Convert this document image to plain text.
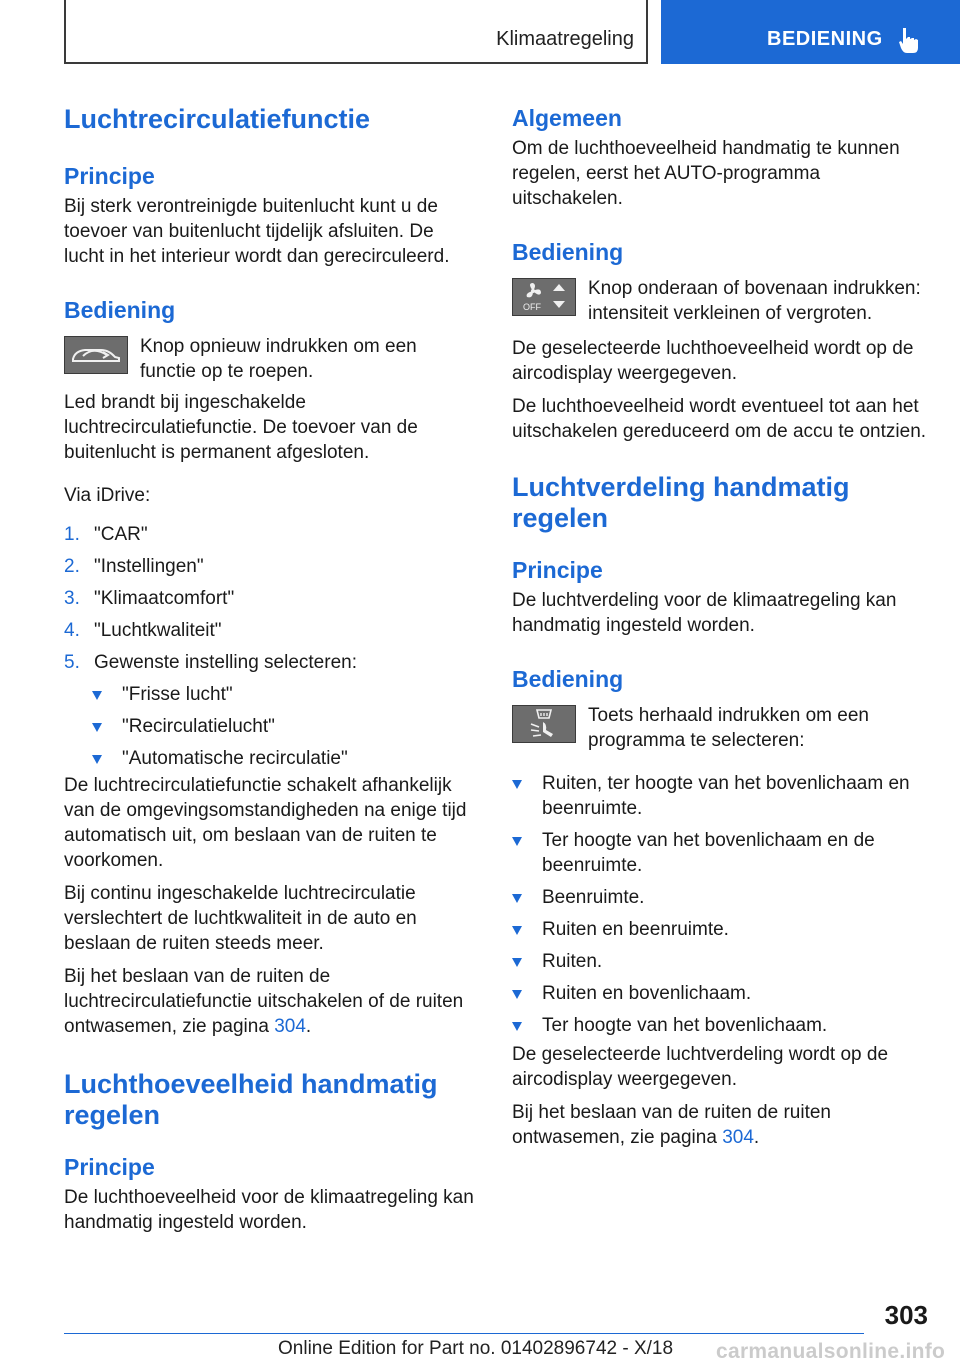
Klimaatregeling	BEDIENING
Luchtrecirculatiefunctie
Principe

Bij sterk verontreinigde buitenlucht kunt u de toevoer van buitenlucht tijdelijk afsluiten. De lucht in het interieur wordt dan gerecirculeerd.

Bediening

Knop opnieuw indrukken om een functie op te roepen.

Led brandt bij ingeschakelde luchtrecirculatiefunctie. De toevoer van de buitenlucht is permanent afgesloten.

Via iDrive:

1. "CAR"
2. "Instellingen"
3. "Klimaatcomfort"
4. "Luchtkwaliteit"
5. Gewenste instelling selecteren:
"Frisse lucht"
"Recirculatielucht"
"Automatische recirculatie"

De luchtrecirculatiefunctie schakelt afhankelijk van de omgevingsomstandigheden na enige tijd automatisch uit, om beslaan van de ruiten te voorkomen.

Bij continu ingeschakelde luchtrecirculatie verslechtert de luchtkwaliteit in de auto en beslaan de ruiten steeds meer.

Bij het beslaan van de ruiten de luchtrecirculatiefunctie uitschakelen of de ruiten ontwasemen, zie pagina 304.

Luchthoeveelheid handmatig regelen
Principe

De luchthoeveelheid voor de klimaatregeling kan handmatig ingesteld worden.

Algemeen

Om de luchthoeveelheid handmatig te kunnen regelen, eerst het AUTO-programma uitschakelen.

Bediening
OFF

Knop onderaan of bovenaan indrukken: intensiteit verkleinen of vergroten.

De geselecteerde luchthoeveelheid wordt op de aircodisplay weergegeven.

De luchthoeveelheid wordt eventueel tot aan het uitschakelen gereduceerd om de accu te ontzien.

Luchtverdeling handmatig regelen
Principe

De luchtverdeling voor de klimaatregeling kan handmatig ingesteld worden.

Bediening

Toets herhaald indrukken om een programma te selecteren:

Ruiten, ter hoogte van het bovenlichaam en beenruimte.
Ter hoogte van het bovenlichaam en de beenruimte.
Beenruimte.
Ruiten en beenruimte.
Ruiten.
Ruiten en bovenlichaam.
Ter hoogte van het bovenlichaam.

De geselecteerde luchtverdeling wordt op de aircodisplay weergegeven.

Bij het beslaan van de ruiten de ruiten ontwasemen, zie pagina 304.

303
Online Edition for Part no. 01402896742 - X/18 carmanualsonline.info
